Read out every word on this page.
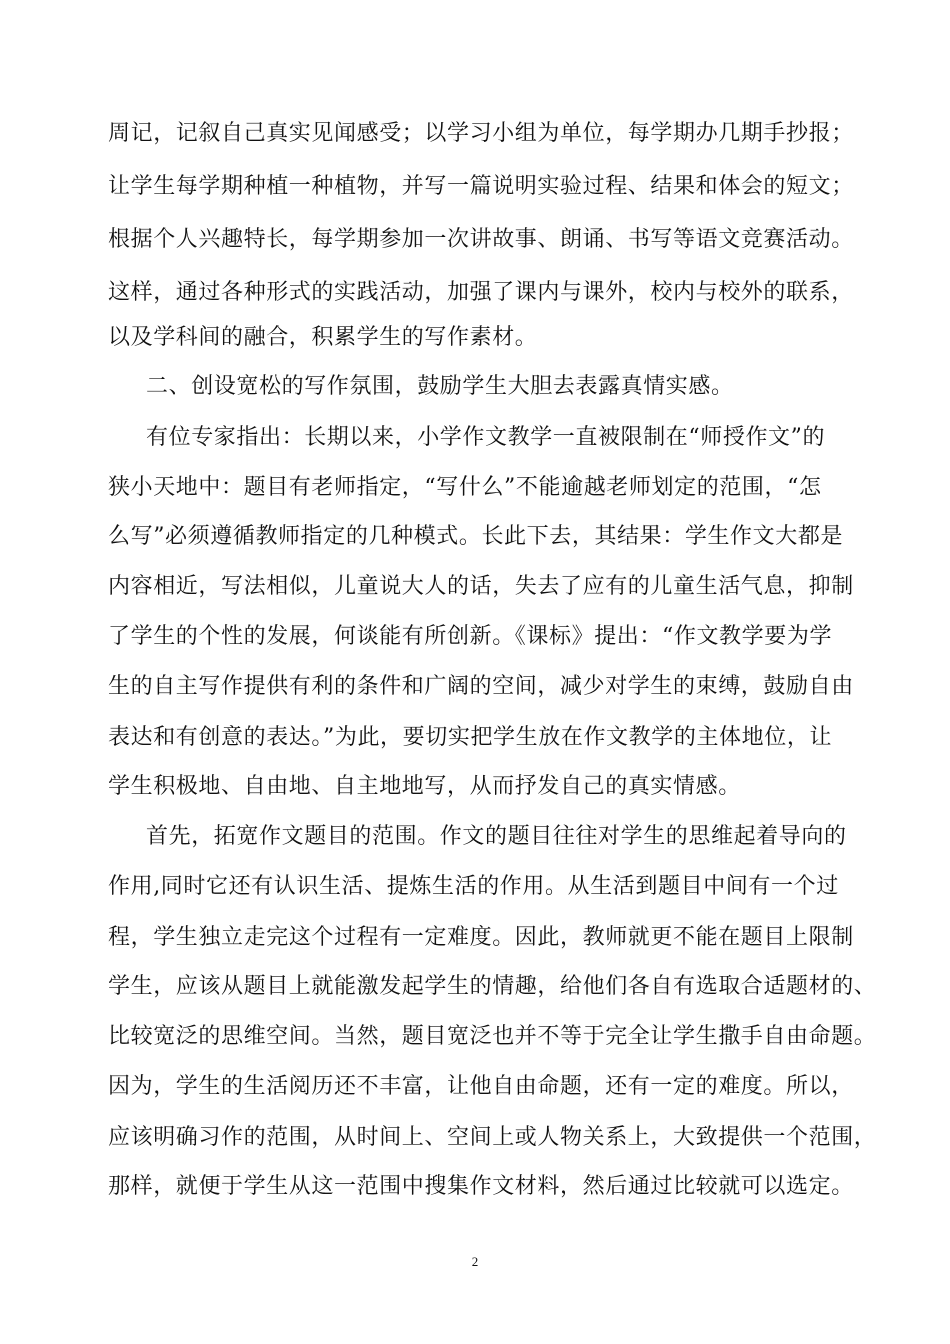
周记，记叙自己真实见闻感受；以学习小组为单位，每学期办几期手抄报；
让学生每学期种植一种植物，并写一篇说明实验过程、结果和体会的短文；
根据个人兴趣特长，每学期参加一次讲故事、朗诵、书写等语文竞赛活动。
这样，通过各种形式的实践活动，加强了课内与课外，校内与校外的联系，
以及学科间的融合，积累学生的写作素材。
二、创设宽松的写作氛围，鼓励学生大胆去表露真情实感。
有位专家指出：长期以来，小学作文教学一直被限制在“师授作文”的
狭小天地中：题目有老师指定，“写什么”不能逾越老师划定的范围，“怎
么写”必须遵循教师指定的几种模式。长此下去，其结果：学生作文大都是
内容相近，写法相似，儿童说大人的话，失去了应有的儿童生活气息，抑制
了学生的个性的发展，何谈能有所创新。《课标》提出：“作文教学要为学
生的自主写作提供有利的条件和广阔的空间，减少对学生的束缚，鼓励自由
表达和有创意的表达。”为此，要切实把学生放在作文教学的主体地位，让
学生积极地、自由地、自主地地写，从而抒发自己的真实情感。
首先，拓宽作文题目的范围。作文的题目往往对学生的思维起着导向的
作用,同时它还有认识生活、提炼生活的作用。从生活到题目中间有一个过
程，学生独立走完这个过程有一定难度。因此，教师就更不能在题目上限制
学生，应该从题目上就能激发起学生的情趣，给他们各自有选取合适题材的、
比较宽泛的思维空间。当然，题目宽泛也并不等于完全让学生撒手自由命题。
因为，学生的生活阅历还不丰富，让他自由命题，还有一定的难度。所以，
应该明确习作的范围，从时间上、空间上或人物关系上，大致提供一个范围，
那样，就便于学生从这一范围中搜集作文材料，然后通过比较就可以选定。
2
